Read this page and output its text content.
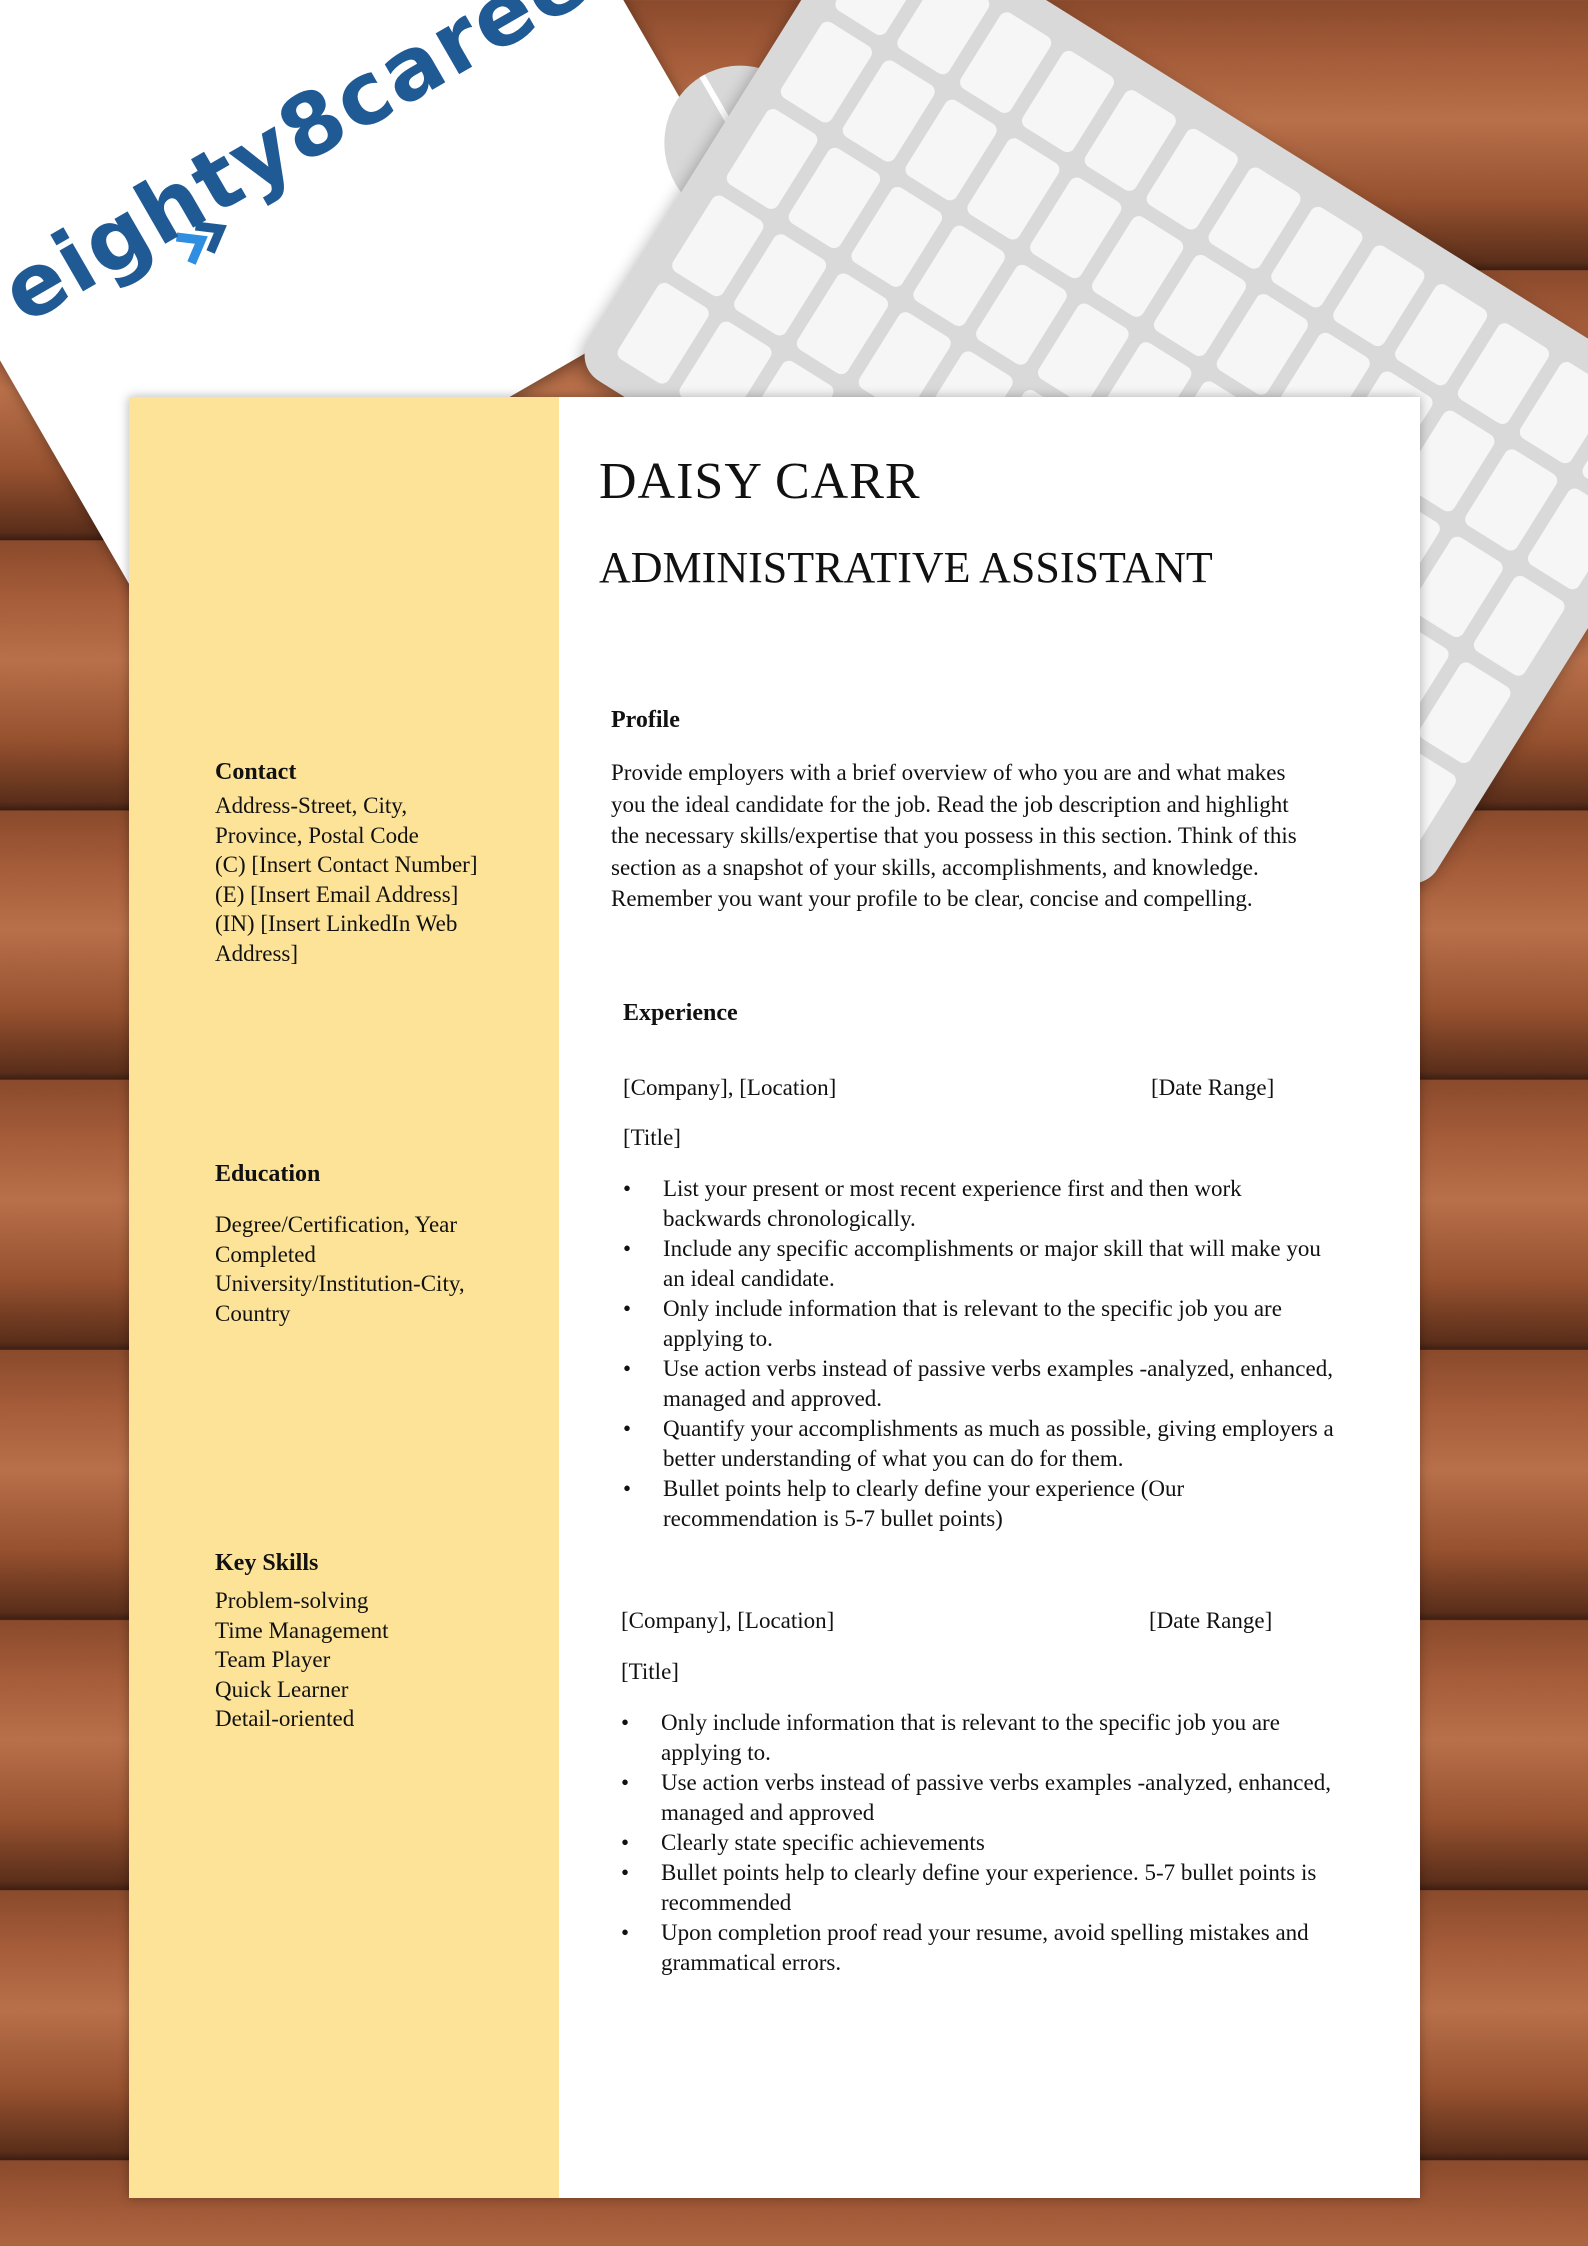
Contact
Address-Street, City,
Province, Postal Code
(C) [Insert Contact Number]
(E) [Insert Email Address]
(IN) [Insert LinkedIn Web
Address]
Education
Degree/Certification, Year
Completed
University/Institution-City,
Country
Key Skills
Problem-solving
Time Management
Team Player
Quick Learner
Detail-oriented
DAISY CARR
ADMINISTRATIVE ASSISTANT
Profile
Provide employers with a brief overview of who you are and what makes
you the ideal candidate for the job. Read the job description and highlight
the necessary skills/expertise that you possess in this section. Think of this
section as a snapshot of your skills, accomplishments, and knowledge.
Remember you want your profile to be clear, concise and compelling.
Experience
[Company], [Location]	[Date Range]
[Title]
• List your present or most recent experience first and then work backwards chronologically.
• Include any specific accomplishments or major skill that will make you an ideal candidate.
• Only include information that is relevant to the specific job you are applying to.
• Use action verbs instead of passive verbs examples -analyzed, enhanced, managed and approved.
• Quantify your accomplishments as much as possible, giving employers a better understanding of what you can do for them.
• Bullet points help to clearly define your experience (Our recommendation is 5-7 bullet points)
[Company], [Location]	[Date Range]
[Title]
• Only include information that is relevant to the specific job you are applying to.
• Use action verbs instead of passive verbs examples -analyzed, enhanced, managed and approved
• Clearly state specific achievements
• Bullet points help to clearly define your experience. 5-7 bullet points is recommended
• Upon completion proof read your resume, avoid spelling mistakes and grammatical errors.
